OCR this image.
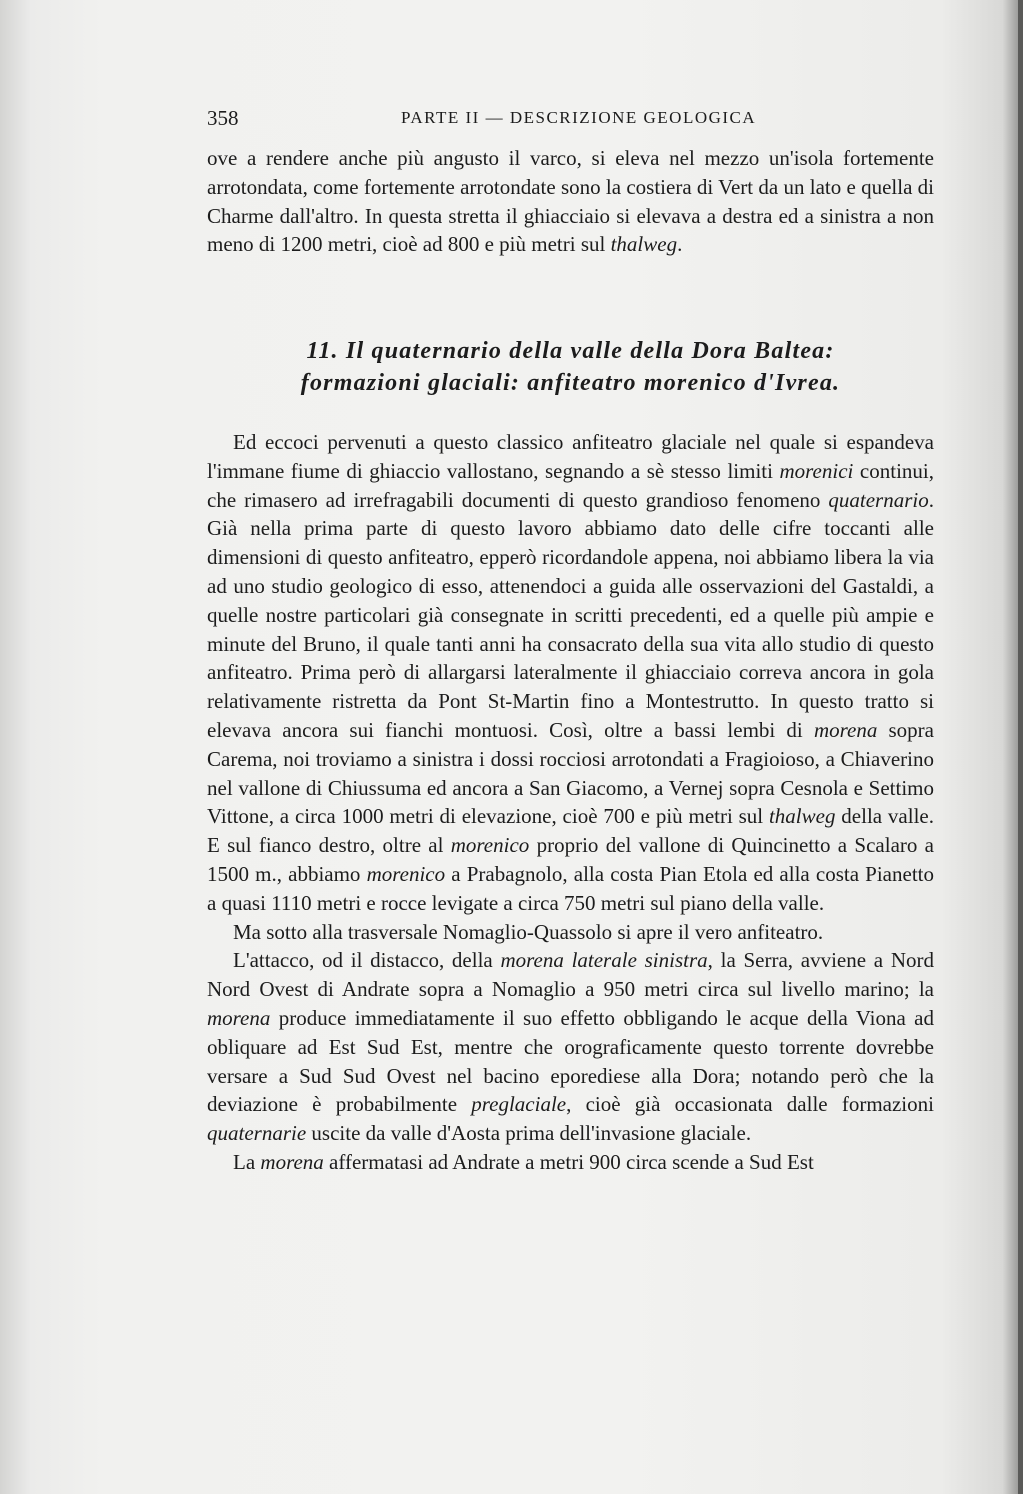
358	PARTE II — DESCRIZIONE GEOLOGICA

ove a rendere anche più angusto il varco, si eleva nel mezzo un'isola fortemente arrotondata, come fortemente arrotondate sono la costiera di Vert da un lato e quella di Charme dall'altro. In questa stretta il ghiacciaio si elevava a destra ed a sinistra a non meno di 1200 metri, cioè ad 800 e più metri sul thalweg.

11. Il quaternario della valle della Dora Baltea:
formazioni glaciali: anfiteatro morenico d'Ivrea.

Ed eccoci pervenuti a questo classico anfiteatro glaciale nel quale si espandeva l'immane fiume di ghiaccio vallostano, segnando a sè stesso limiti morenici continui, che rimasero ad irrefragabili documenti di questo grandioso fenomeno quaternario. Già nella prima parte di questo lavoro abbiamo dato delle cifre toccanti alle dimensioni di questo anfiteatro, epperò ricordandole appena, noi abbiamo libera la via ad uno studio geologico di esso, attenendoci a guida alle osservazioni del Gastaldi, a quelle nostre particolari già consegnate in scritti precedenti, ed a quelle più ampie e minute del Bruno, il quale tanti anni ha consacrato della sua vita allo studio di questo anfiteatro. Prima però di allargarsi lateralmente il ghiacciaio correva ancora in gola relativamente ristretta da Pont St-Martin fino a Montestrutto. In questo tratto si elevava ancora sui fianchi montuosi. Così, oltre a bassi lembi di morena sopra Carema, noi troviamo a sinistra i dossi rocciosi arrotondati a Fragioioso, a Chiaverino nel vallone di Chiussuma ed ancora a San Giacomo, a Vernej sopra Cesnola e Settimo Vittone, a circa 1000 metri di elevazione, cioè 700 e più metri sul thalweg della valle. E sul fianco destro, oltre al morenico proprio del vallone di Quincinetto a Scalaro a 1500 m., abbiamo morenico a Prabagnolo, alla costa Pian Etola ed alla costa Pianetto a quasi 1110 metri e rocce levigate a circa 750 metri sul piano della valle.

Ma sotto alla trasversale Nomaglio-Quassolo si apre il vero anfiteatro.

L'attacco, od il distacco, della morena laterale sinistra, la Serra, avviene a Nord Nord Ovest di Andrate sopra a Nomaglio a 950 metri circa sul livello marino; la morena produce immediatamente il suo effetto obbligando le acque della Viona ad obliquare ad Est Sud Est, mentre che orograficamente questo torrente dovrebbe versare a Sud Sud Ovest nel bacino eporediese alla Dora; notando però che la deviazione è probabilmente preglaciale, cioè già occasionata dalle formazioni quaternarie uscite da valle d'Aosta prima dell'invasione glaciale.

La morena affermatasi ad Andrate a metri 900 circa scende a Sud Est
